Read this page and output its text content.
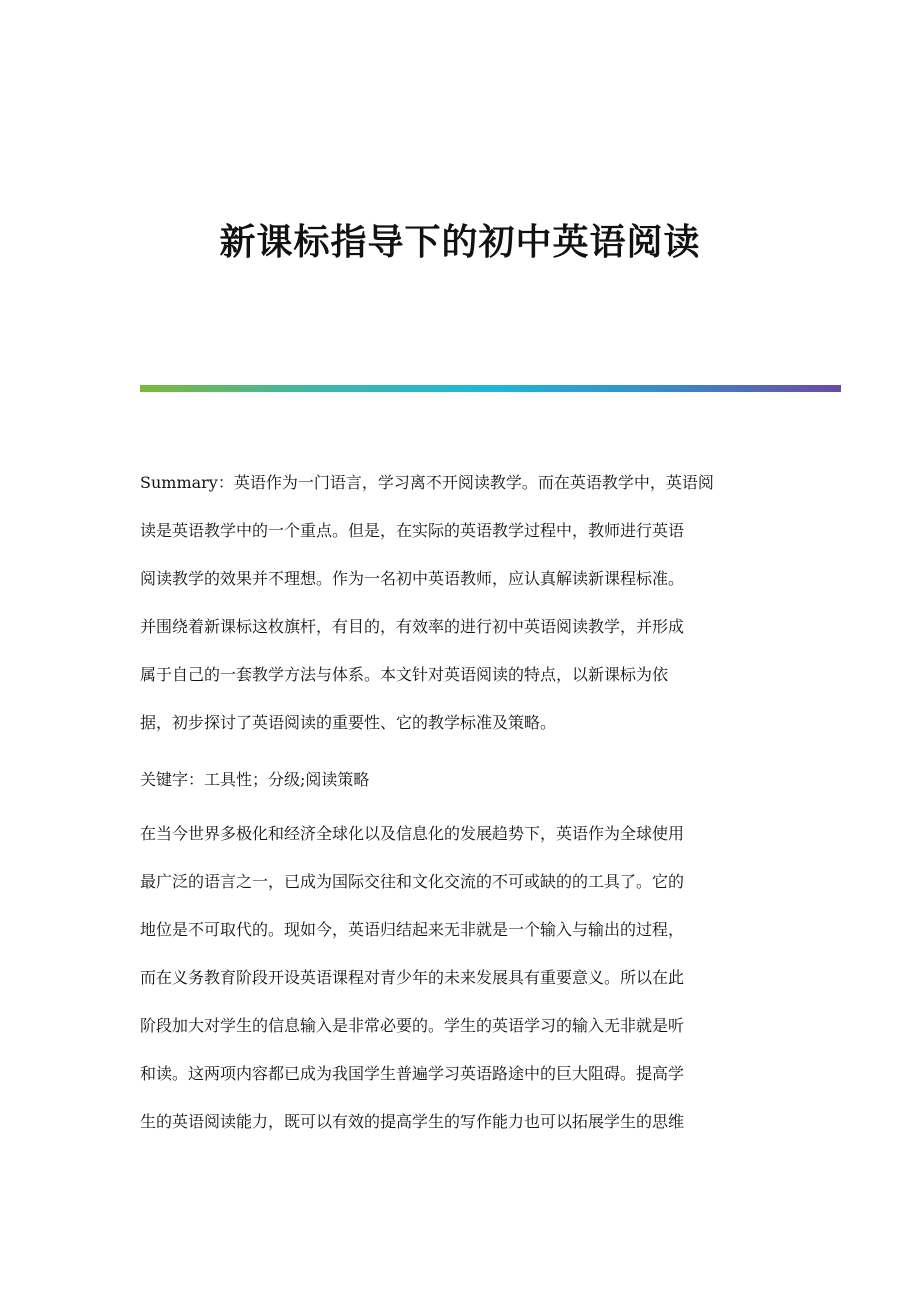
新课标指导下的初中英语阅读
Summary：英语作为一门语言，学习离不开阅读教学。而在英语教学中，英语阅
读是英语教学中的一个重点。但是，在实际的英语教学过程中，教师进行英语
阅读教学的效果并不理想。作为一名初中英语教师，应认真解读新课程标准。
并围绕着新课标这枚旗杆，有目的，有效率的进行初中英语阅读教学，并形成
属于自己的一套教学方法与体系。本文针对英语阅读的特点，以新课标为依
据，初步探讨了英语阅读的重要性、它的教学标准及策略。
关键字：工具性；分级;阅读策略
在当今世界多极化和经济全球化以及信息化的发展趋势下，英语作为全球使用
最广泛的语言之一，已成为国际交往和文化交流的不可或缺的的工具了。它的
地位是不可取代的。现如今，英语归结起来无非就是一个输入与输出的过程，
而在义务教育阶段开设英语课程对青少年的未来发展具有重要意义。所以在此
阶段加大对学生的信息输入是非常必要的。学生的英语学习的输入无非就是听
和读。这两项内容都已成为我国学生普遍学习英语路途中的巨大阻碍。提高学
生的英语阅读能力，既可以有效的提高学生的写作能力也可以拓展学生的思维
